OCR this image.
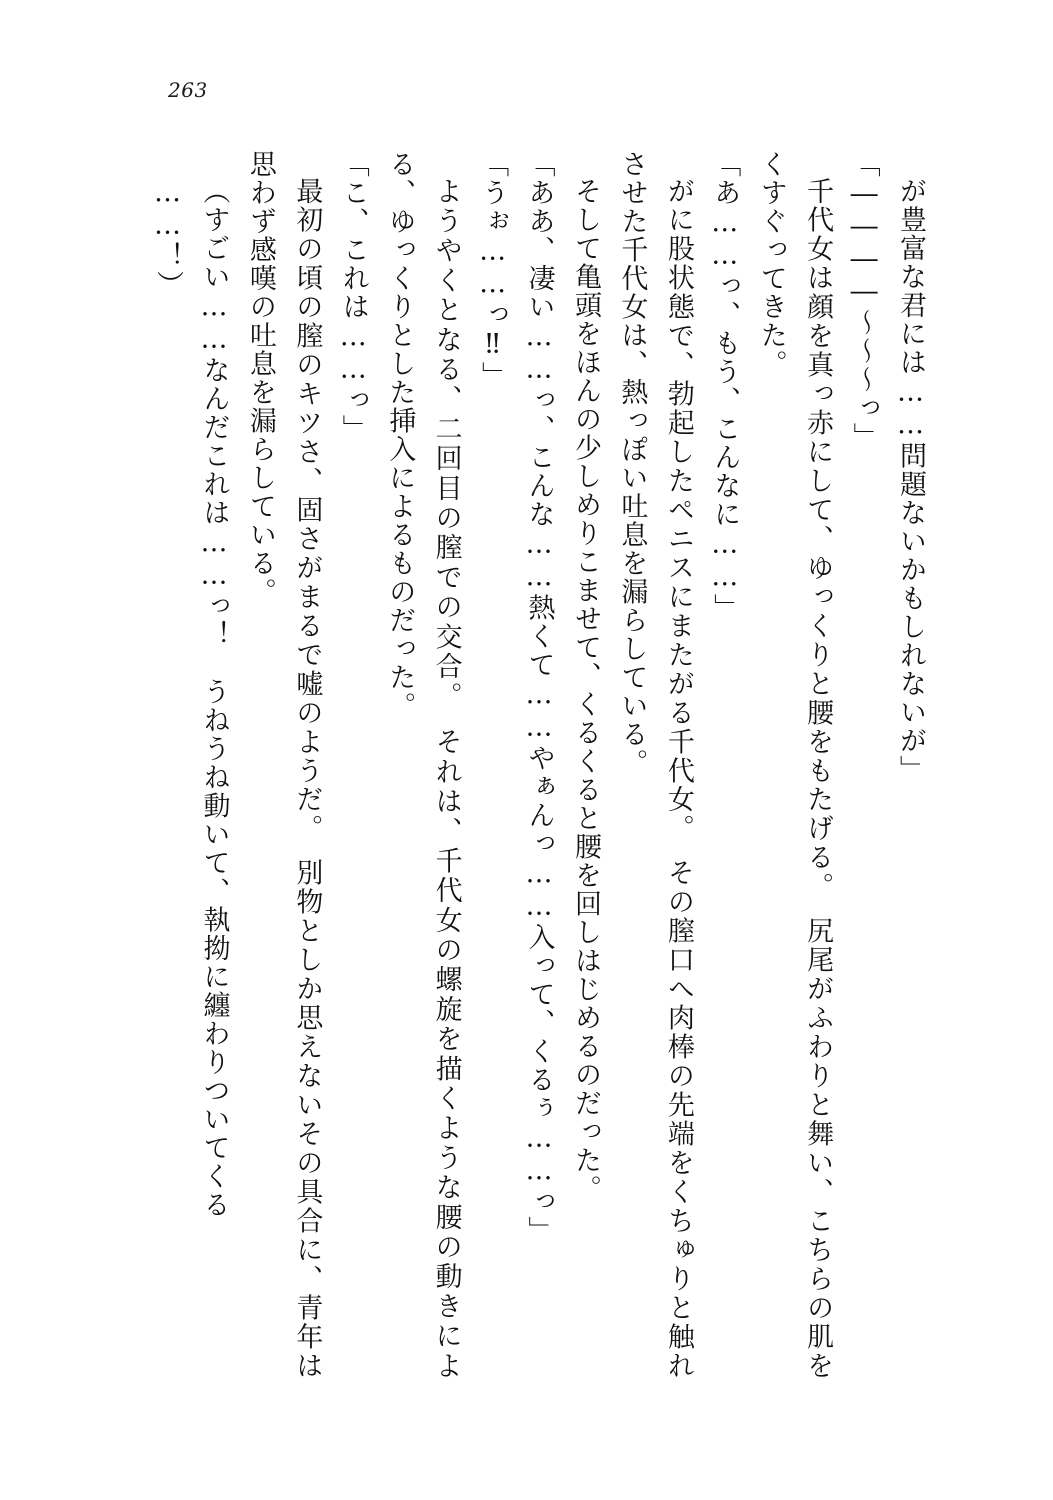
263

が豊富な君には……問題ないかもしれないが」

「――――〜〜〜っ」

千代女は顔を真っ赤にして、ゆっくりと腰をもたげる。　尻尾がふわりと舞い、こちらの肌をくすぐってきた。

「あ……っ、もう、こんなに……」

がに股状態で、勃起したペニスにまたがる千代女。　その膣口へ肉棒の先端をくちゅりと触れさせた千代女は、熱っぽい吐息を漏らしている。

そして亀頭をほんの少しめりこませて、くるくると腰を回しはじめるのだった。

「ああ、凄い……っ、こんな……熱くて……やぁんっ……入って、くるぅ……っ」

「うぉ……っ‼」

ようやくとなる、二回目の膣での交合。　それは、千代女の螺旋を描くような腰の動きによる、ゆっくりとした挿入によるものだった。

「こ、これは……っ」

最初の頃の膣のキツさ、固さがまるで嘘のようだ。　別物としか思えないその具合に、青年は思わず感嘆の吐息を漏らしている。

（すごい……なんだこれは……っ！　うねうね動いて、執拗に纏わりついてくる

……！）
